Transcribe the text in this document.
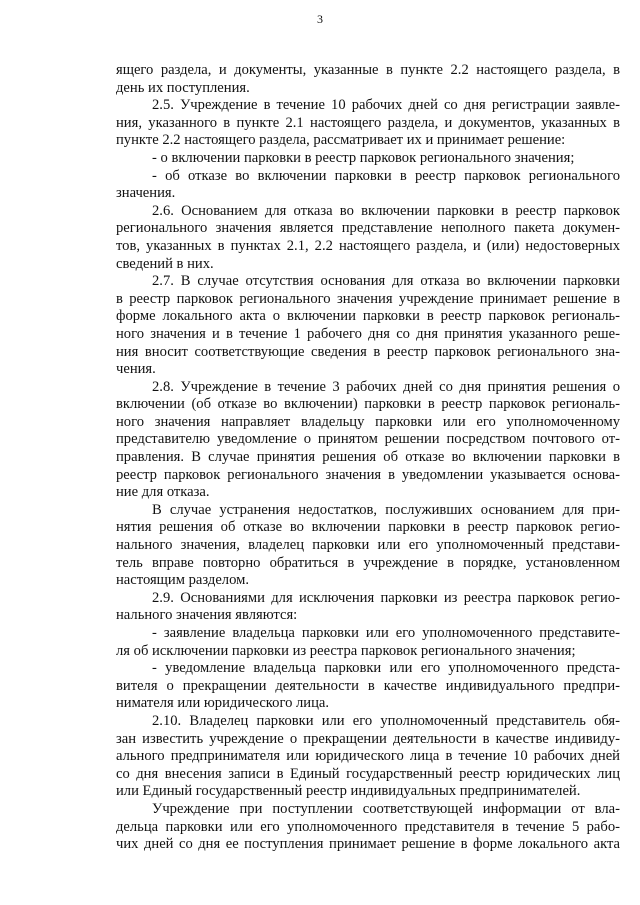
3
ящего раздела, и документы, указанные в пункте 2.2 настоящего раздела, в
день их поступления.
2.5. Учреждение в течение 10 рабочих дней со дня регистрации заявле-
ния, указанного в пункте 2.1 настоящего раздела, и документов, указанных в
пункте 2.2 настоящего раздела, рассматривает их и принимает решение:
- о включении парковки в реестр парковок регионального значения;
- об отказе во включении парковки в реестр парковок регионального
значения.
2.6. Основанием для отказа во включении парковки в реестр парковок
регионального значения является представление неполного пакета докумен-
тов, указанных в пунктах 2.1, 2.2 настоящего раздела, и (или) недостоверных
сведений в них.
2.7. В случае отсутствия основания для отказа во включении парковки
в реестр парковок регионального значения учреждение принимает решение в
форме локального акта о включении парковки в реестр парковок региональ-
ного значения и в течение 1 рабочего дня со дня принятия указанного реше-
ния вносит соответствующие сведения в реестр парковок регионального зна-
чения.
2.8. Учреждение в течение 3 рабочих дней со дня принятия решения о
включении (об отказе во включении) парковки в реестр парковок региональ-
ного значения направляет владельцу парковки или его уполномоченному
представителю уведомление о принятом решении посредством почтового от-
правления. В случае принятия решения об отказе во включении парковки в
реестр парковок регионального значения в уведомлении указывается основа-
ние для отказа.
В случае устранения недостатков, послуживших основанием для при-
нятия решения об отказе во включении парковки в реестр парковок регио-
нального значения, владелец парковки или его уполномоченный представи-
тель вправе повторно обратиться в учреждение в порядке, установленном
настоящим разделом.
2.9. Основаниями для исключения парковки из реестра парковок регио-
нального значения являются:
- заявление владельца парковки или его уполномоченного представите-
ля об исключении парковки из реестра парковок регионального значения;
- уведомление владельца парковки или его уполномоченного предста-
вителя о прекращении деятельности в качестве индивидуального предпри-
нимателя или юридического лица.
2.10. Владелец парковки или его уполномоченный представитель обя-
зан известить учреждение о прекращении деятельности в качестве индивиду-
ального предпринимателя или юридического лица в течение 10 рабочих дней
со дня внесения записи в Единый государственный реестр юридических лиц
или Единый государственный реестр индивидуальных предпринимателей.
Учреждение при поступлении соответствующей информации от вла-
дельца парковки или его уполномоченного представителя в течение 5 рабо-
чих дней со дня ее поступления принимает решение в форме локального акта
